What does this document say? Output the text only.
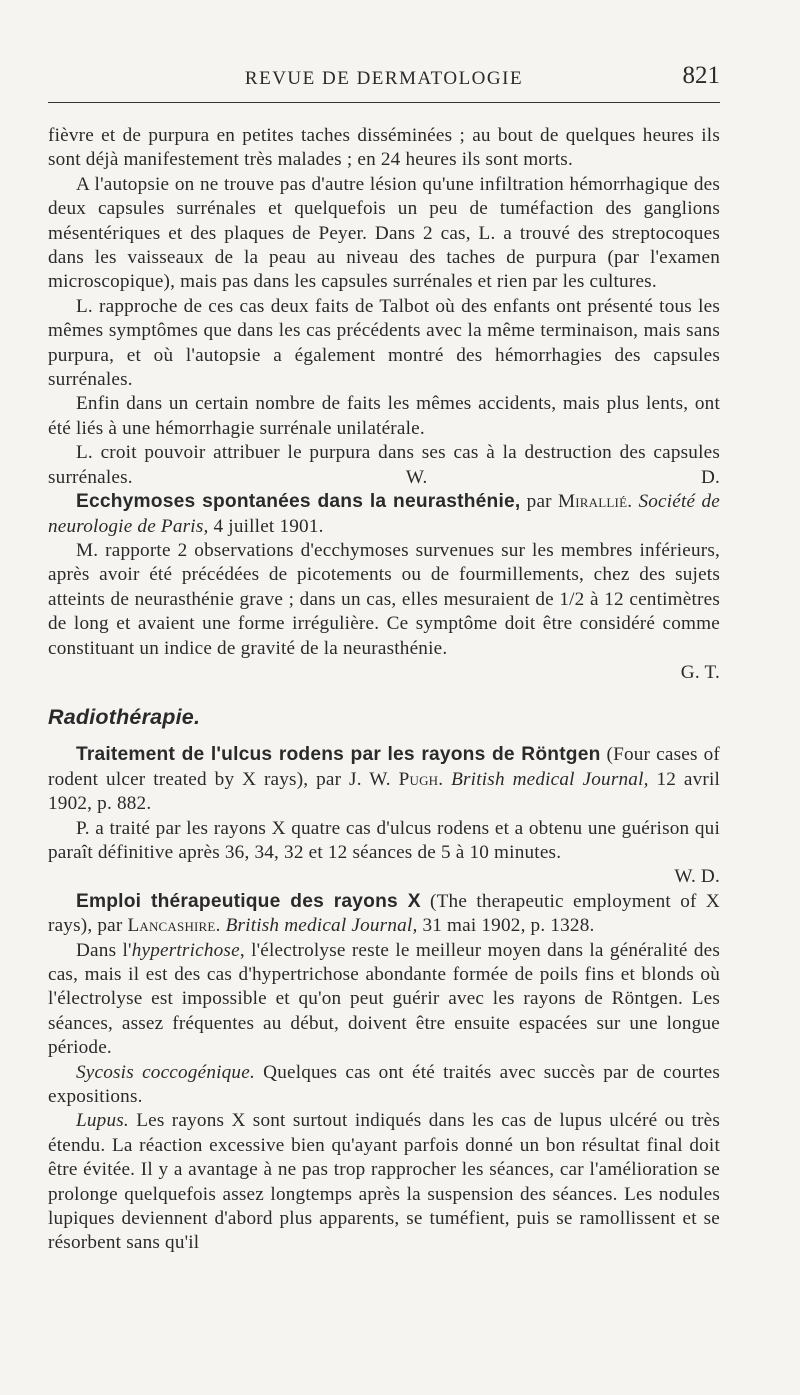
REVUE DE DERMATOLOGIE	821

fièvre et de purpura en petites taches disséminées ; au bout de quelques heures ils sont déjà manifestement très malades ; en 24 heures ils sont morts.

A l'autopsie on ne trouve pas d'autre lésion qu'une infiltration hémorrhagique des deux capsules surrénales et quelquefois un peu de tuméfaction des ganglions mésentériques et des plaques de Peyer. Dans 2 cas, L. a trouvé des streptocoques dans les vaisseaux de la peau au niveau des taches de purpura (par l'examen microscopique), mais pas dans les capsules surrénales et rien par les cultures.

L. rapproche de ces cas deux faits de Talbot où des enfants ont présenté tous les mêmes symptômes que dans les cas précédents avec la même terminaison, mais sans purpura, et où l'autopsie a également montré des hémorrhagies des capsules surrénales.

Enfin dans un certain nombre de faits les mêmes accidents, mais plus lents, ont été liés à une hémorrhagie surrénale unilatérale.

L. croit pouvoir attribuer le purpura dans ses cas à la destruction des capsules surrénales.	W. D.

Ecchymoses spontanées dans la neurasthénie, par Mirallié. Société de neurologie de Paris, 4 juillet 1901.

M. rapporte 2 observations d'ecchymoses survenues sur les membres inférieurs, après avoir été précédées de picotements ou de fourmillements, chez des sujets atteints de neurasthénie grave ; dans un cas, elles mesuraient de 1/2 à 12 centimètres de long et avaient une forme irrégulière. Ce symptôme doit être considéré comme constituant un indice de gravité de la neurasthénie.

G. T.

Radiothérapie.

Traitement de l'ulcus rodens par les rayons de Röntgen (Four cases of rodent ulcer treated by X rays), par J. W. Pugh. British medical Journal, 12 avril 1902, p. 882.

P. a traité par les rayons X quatre cas d'ulcus rodens et a obtenu une guérison qui paraît définitive après 36, 34, 32 et 12 séances de 5 à 10 minutes.

W. D.

Emploi thérapeutique des rayons X (The therapeutic employment of X rays), par Lancashire. British medical Journal, 31 mai 1902, p. 1328.

Dans l'hypertrichose, l'électrolyse reste le meilleur moyen dans la généralité des cas, mais il est des cas d'hypertrichose abondante formée de poils fins et blonds où l'électrolyse est impossible et qu'on peut guérir avec les rayons de Röntgen. Les séances, assez fréquentes au début, doivent être ensuite espacées sur une longue période.

Sycosis coccogénique. Quelques cas ont été traités avec succès par de courtes expositions.

Lupus. Les rayons X sont surtout indiqués dans les cas de lupus ulcéré ou très étendu. La réaction excessive bien qu'ayant parfois donné un bon résultat final doit être évitée. Il y a avantage à ne pas trop rapprocher les séances, car l'amélioration se prolonge quelquefois assez longtemps après la suspension des séances. Les nodules lupiques deviennent d'abord plus apparents, se tuméfient, puis se ramollissent et se résorbent sans qu'il
